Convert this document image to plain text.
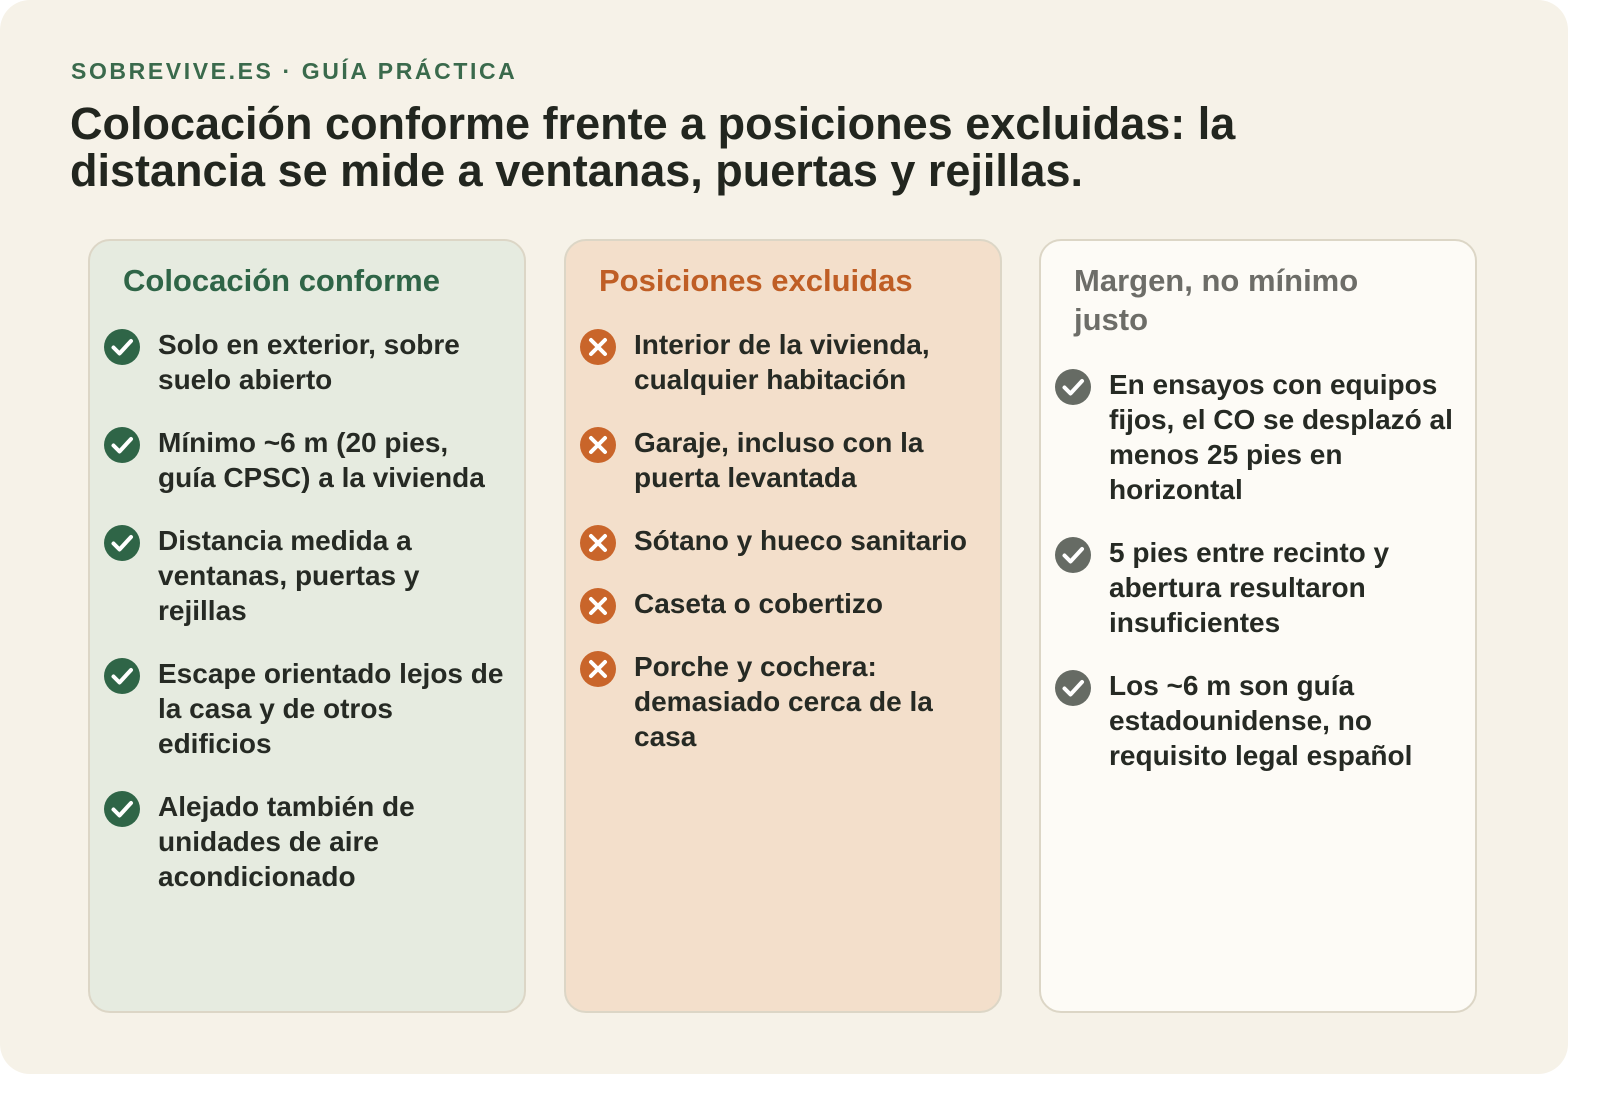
SOBREVIVE.ES · GUÍA PRÁCTICA
Colocación conforme frente a posiciones excluidas: la distancia se mide a ventanas, puertas y rejillas.
Colocación conforme
Solo en exterior, sobre suelo abierto
Mínimo ~6 m (20 pies, guía CPSC) a la vivienda
Distancia medida a ventanas, puertas y rejillas
Escape orientado lejos de la casa y de otros edificios
Alejado también de unidades de aire acondicionado
Posiciones excluidas
Interior de la vivienda, cualquier habitación
Garaje, incluso con la puerta levantada
Sótano y hueco sanitario
Caseta o cobertizo
Porche y cochera: demasiado cerca de la casa
Margen, no mínimo justo
En ensayos con equipos fijos, el CO se desplazó al menos 25 pies en horizontal
5 pies entre recinto y abertura resultaron insuficientes
Los ~6 m son guía estadounidense, no requisito legal español
